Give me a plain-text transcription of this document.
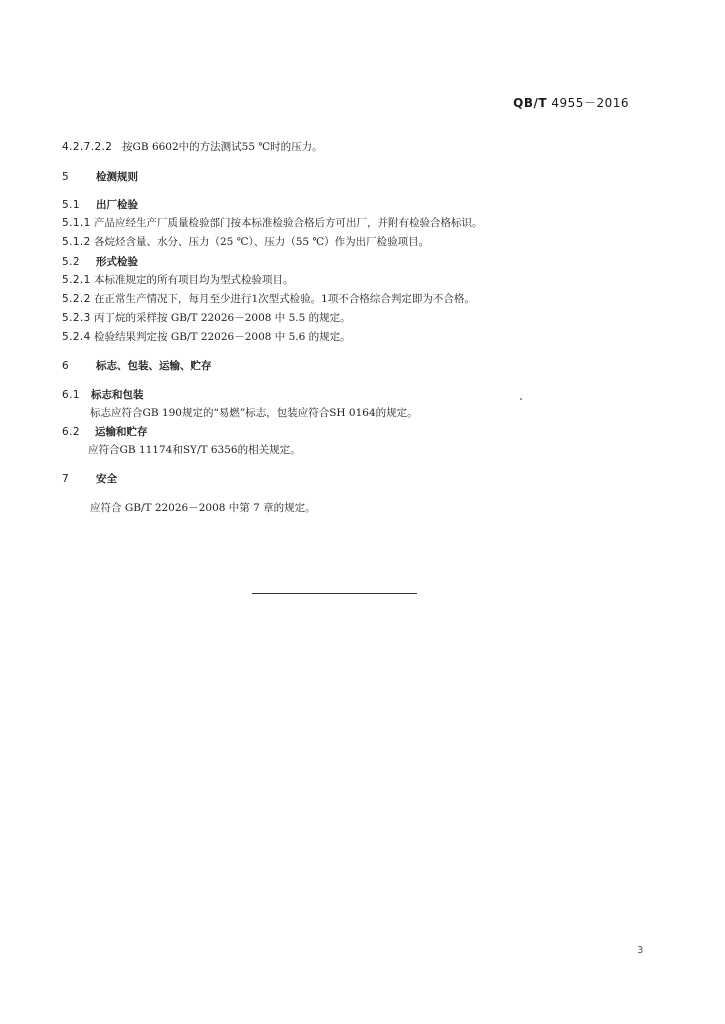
QB/T 4955－2016
4.2.7.2.2 按GB 6602中的方法测试55 ℃时的压力。
5	检测规则
5.1 出厂检验
5.1.1 产品应经生产厂质量检验部门按本标准检验合格后方可出厂，并附有检验合格标识。
5.1.2 各烷烃含量、水分、压力（25 ℃）、压力（55 ℃）作为出厂检验项目。
5.2 形式检验
5.2.1 本标准规定的所有项目均为型式检验项目。
5.2.2 在正常生产情况下，每月至少进行1次型式检验。1项不合格综合判定即为不合格。
5.2.3 丙丁烷的采样按 GB/T 22026－2008 中 5.5 的规定。
5.2.4 检验结果判定按 GB/T 22026－2008 中 5.6 的规定。
6	标志、包装、运输、贮存
6.1 标志和包装
标志应符合GB 190规定的“易燃”标志，包装应符合SH 0164的规定。
6.2 运输和贮存
应符合GB 11174和SY/T 6356的相关规定。
7	安全
应符合 GB/T 22026－2008 中第 7 章的规定。
3
